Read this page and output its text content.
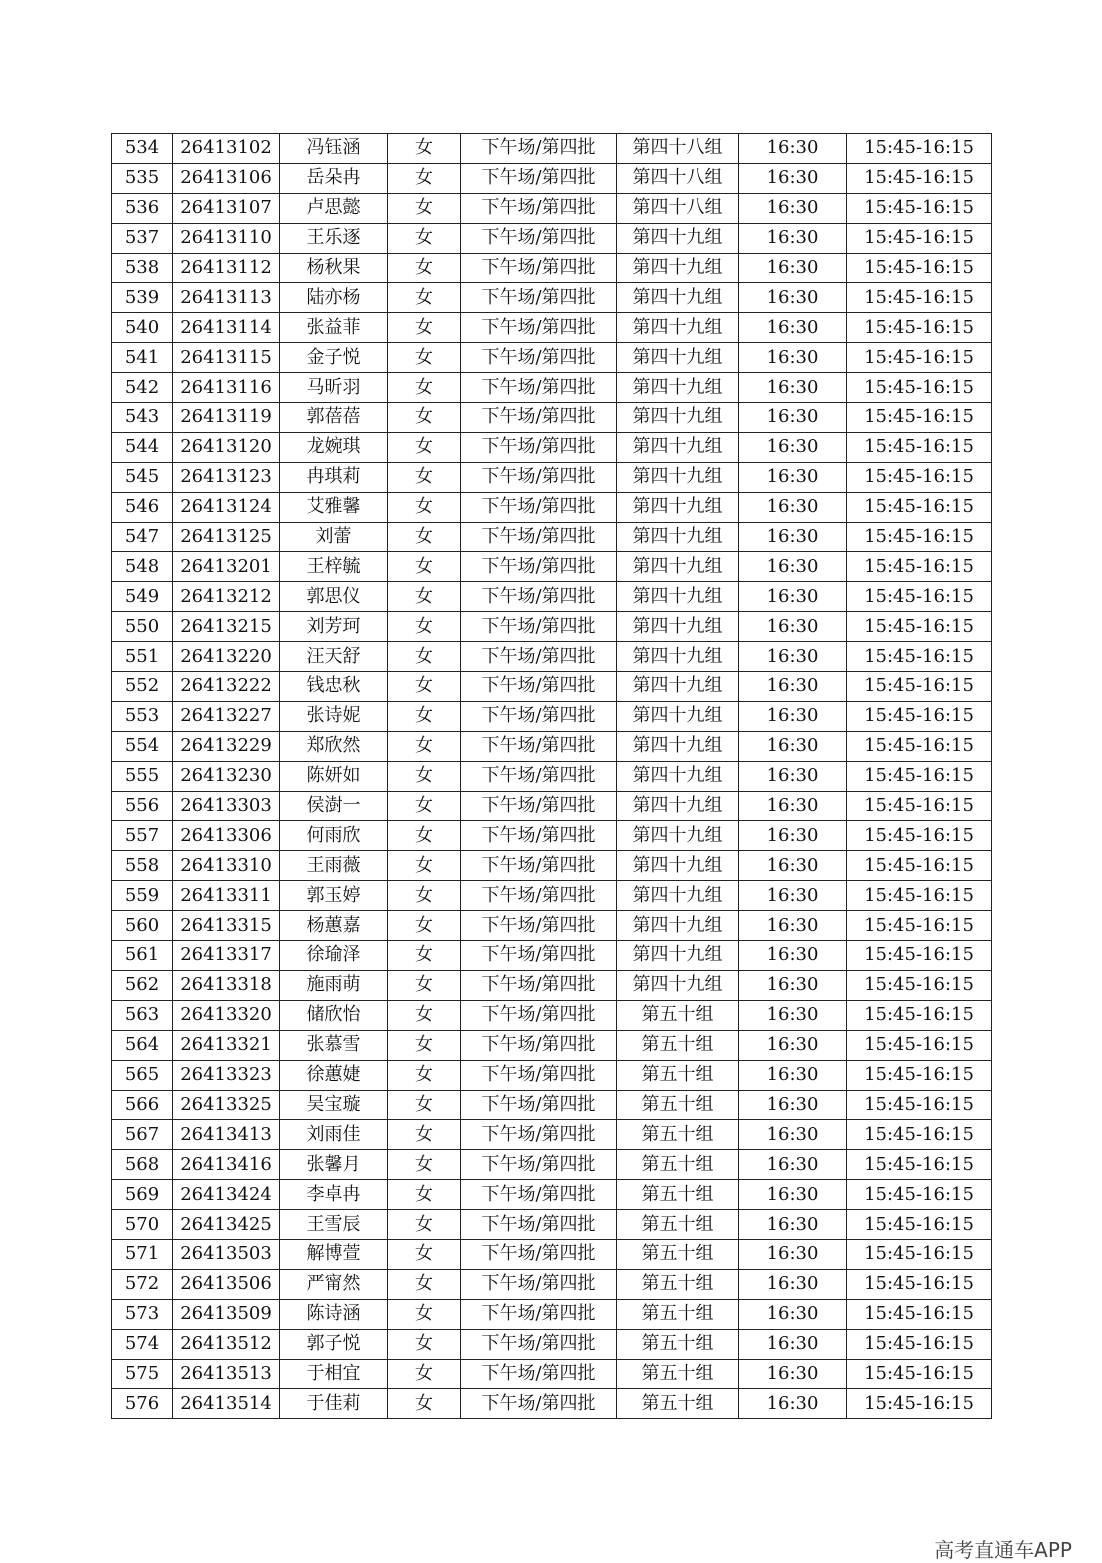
534	26413102	冯钰涵	女	下午场/第四批	第四十八组	16:30	15:45-16:15
535	26413106	岳朵冉	女	下午场/第四批	第四十八组	16:30	15:45-16:15
536	26413107	卢思懿	女	下午场/第四批	第四十八组	16:30	15:45-16:15
537	26413110	王乐逐	女	下午场/第四批	第四十九组	16:30	15:45-16:15
538	26413112	杨秋果	女	下午场/第四批	第四十九组	16:30	15:45-16:15
539	26413113	陆亦杨	女	下午场/第四批	第四十九组	16:30	15:45-16:15
540	26413114	张益菲	女	下午场/第四批	第四十九组	16:30	15:45-16:15
541	26413115	金子悦	女	下午场/第四批	第四十九组	16:30	15:45-16:15
542	26413116	马昕羽	女	下午场/第四批	第四十九组	16:30	15:45-16:15
543	26413119	郭蓓蓓	女	下午场/第四批	第四十九组	16:30	15:45-16:15
544	26413120	龙婉琪	女	下午场/第四批	第四十九组	16:30	15:45-16:15
545	26413123	冉琪莉	女	下午场/第四批	第四十九组	16:30	15:45-16:15
546	26413124	艾雅馨	女	下午场/第四批	第四十九组	16:30	15:45-16:15
547	26413125	刘蕾	女	下午场/第四批	第四十九组	16:30	15:45-16:15
548	26413201	王梓毓	女	下午场/第四批	第四十九组	16:30	15:45-16:15
549	26413212	郭思仪	女	下午场/第四批	第四十九组	16:30	15:45-16:15
550	26413215	刘芳珂	女	下午场/第四批	第四十九组	16:30	15:45-16:15
551	26413220	汪天舒	女	下午场/第四批	第四十九组	16:30	15:45-16:15
552	26413222	钱忠秋	女	下午场/第四批	第四十九组	16:30	15:45-16:15
553	26413227	张诗妮	女	下午场/第四批	第四十九组	16:30	15:45-16:15
554	26413229	郑欣然	女	下午场/第四批	第四十九组	16:30	15:45-16:15
555	26413230	陈妍如	女	下午场/第四批	第四十九组	16:30	15:45-16:15
556	26413303	侯澍一	女	下午场/第四批	第四十九组	16:30	15:45-16:15
557	26413306	何雨欣	女	下午场/第四批	第四十九组	16:30	15:45-16:15
558	26413310	王雨薇	女	下午场/第四批	第四十九组	16:30	15:45-16:15
559	26413311	郭玉婷	女	下午场/第四批	第四十九组	16:30	15:45-16:15
560	26413315	杨蕙嘉	女	下午场/第四批	第四十九组	16:30	15:45-16:15
561	26413317	徐瑜泽	女	下午场/第四批	第四十九组	16:30	15:45-16:15
562	26413318	施雨萌	女	下午场/第四批	第四十九组	16:30	15:45-16:15
563	26413320	储欣怡	女	下午场/第四批	第五十组	16:30	15:45-16:15
564	26413321	张慕雪	女	下午场/第四批	第五十组	16:30	15:45-16:15
565	26413323	徐蕙婕	女	下午场/第四批	第五十组	16:30	15:45-16:15
566	26413325	吴宝璇	女	下午场/第四批	第五十组	16:30	15:45-16:15
567	26413413	刘雨佳	女	下午场/第四批	第五十组	16:30	15:45-16:15
568	26413416	张馨月	女	下午场/第四批	第五十组	16:30	15:45-16:15
569	26413424	李卓冉	女	下午场/第四批	第五十组	16:30	15:45-16:15
570	26413425	王雪辰	女	下午场/第四批	第五十组	16:30	15:45-16:15
571	26413503	解博萱	女	下午场/第四批	第五十组	16:30	15:45-16:15
572	26413506	严甯然	女	下午场/第四批	第五十组	16:30	15:45-16:15
573	26413509	陈诗涵	女	下午场/第四批	第五十组	16:30	15:45-16:15
574	26413512	郭子悦	女	下午场/第四批	第五十组	16:30	15:45-16:15
575	26413513	于相宜	女	下午场/第四批	第五十组	16:30	15:45-16:15
576	26413514	于佳莉	女	下午场/第四批	第五十组	16:30	15:45-16:15
高考直通车APP
